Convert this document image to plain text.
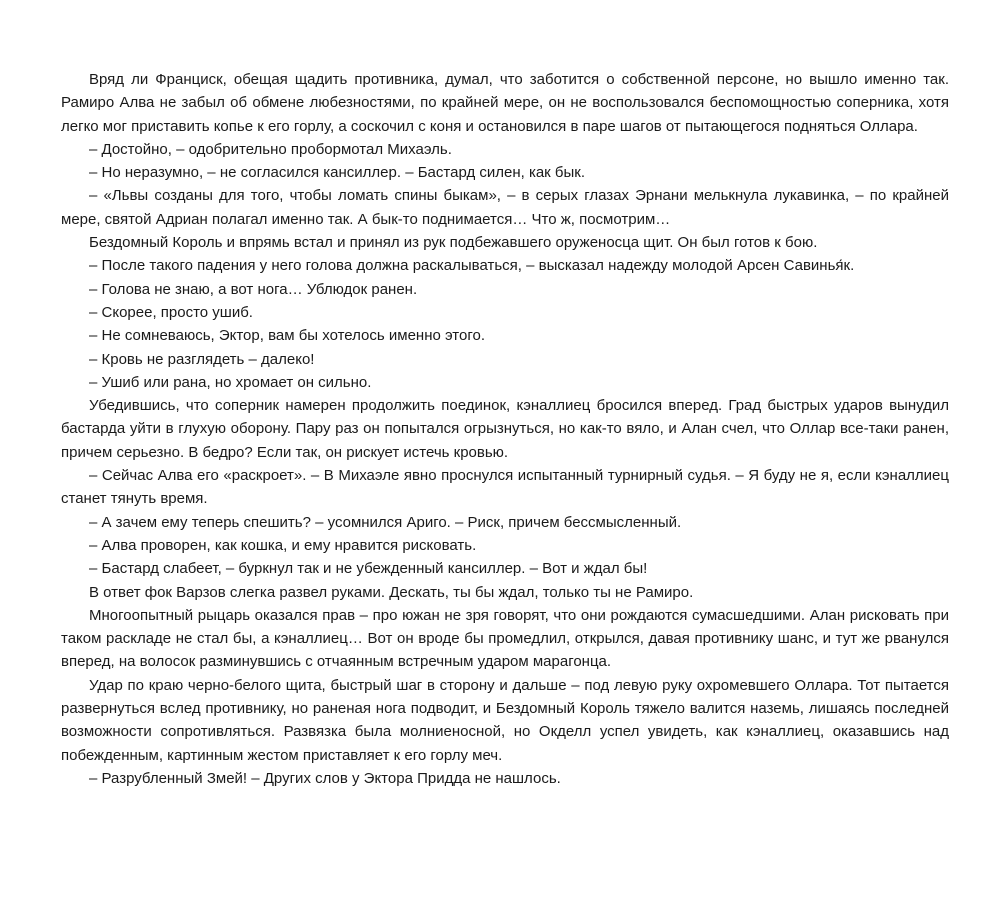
Вряд ли Франциск, обещая щадить противника, думал, что заботится о собственной персоне, но вышло именно так. Рамиро Алва не забыл об обмене любезностями, по крайней мере, он не воспользовался беспомощностью соперника, хотя легко мог приставить копье к его горлу, а соскочил с коня и остановился в паре шагов от пытающегося подняться Оллара.

– Достойно, – одобрительно пробормотал Михаэль.

– Но неразумно, – не согласился кансиллер. – Бастард силен, как бык.

– «Львы созданы для того, чтобы ломать спины быкам», – в серых глазах Эрнани мелькнула лукавинка, – по крайней мере, святой Адриан полагал именно так. А бык-то поднимается… Что ж, посмотрим…

Бездомный Король и впрямь встал и принял из рук подбежавшего оруженосца щит. Он был готов к бою.

– После такого падения у него голова должна раскалываться, – высказал надежду молодой Арсен Савинья́к.

– Голова не знаю, а вот нога… Ублюдок ранен.

– Скорее, просто ушиб.

– Не сомневаюсь, Эктор, вам бы хотелось именно этого.

– Кровь не разглядеть – далеко!

– Ушиб или рана, но хромает он сильно.

Убедившись, что соперник намерен продолжить поединок, кэналлиец бросился вперед. Град быстрых ударов вынудил бастарда уйти в глухую оборону. Пару раз он попытался огрызнуться, но как-то вяло, и Алан счел, что Оллар все-таки ранен, причем серьезно. В бедро? Если так, он рискует истечь кровью.

– Сейчас Алва его «раскроет». – В Михаэле явно проснулся испытанный турнирный судья. – Я буду не я, если кэналлиец станет тянуть время.

– А зачем ему теперь спешить? – усомнился Ариго. – Риск, причем бессмысленный.

– Алва проворен, как кошка, и ему нравится рисковать.

– Бастард слабеет, – буркнул так и не убежденный кансиллер. – Вот и ждал бы!

В ответ фок Варзов слегка развел руками. Дескать, ты бы ждал, только ты не Рамиро.

Многоопытный рыцарь оказался прав – про южан не зря говорят, что они рождаются сумасшедшими. Алан рисковать при таком раскладе не стал бы, а кэналлиец… Вот он вроде бы промедлил, открылся, давая противнику шанс, и тут же рванулся вперед, на волосок разминувшись с отчаянным встречным ударом марагонца.

Удар по краю черно-белого щита, быстрый шаг в сторону и дальше – под левую руку охромевшего Оллара. Тот пытается развернуться вслед противнику, но раненая нога подводит, и Бездомный Король тяжело валится наземь, лишаясь последней возможности сопротивляться. Развязка была молниеносной, но Окделл успел увидеть, как кэналлиец, оказавшись над побежденным, картинным жестом приставляет к его горлу меч.

– Разрубленный Змей! – Других слов у Эктора Придда не нашлось.
